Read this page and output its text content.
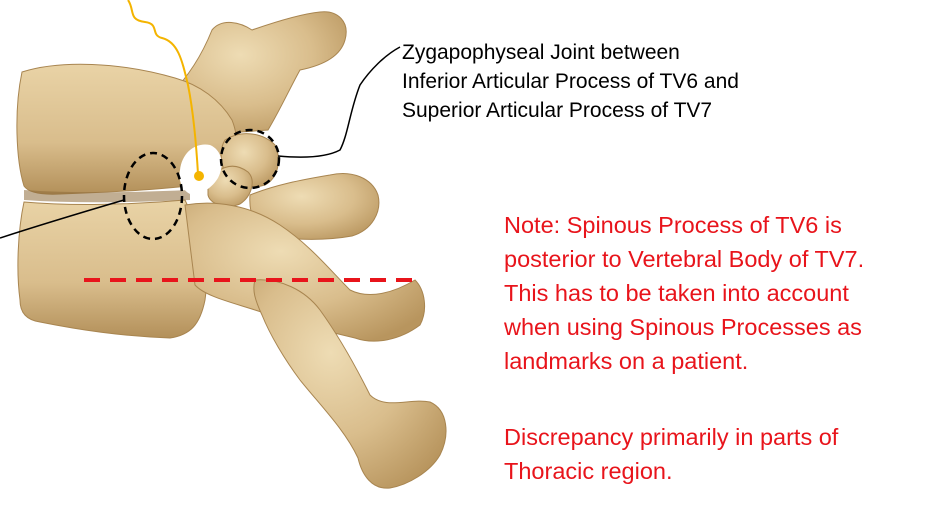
Zygapophyseal Joint between
Inferior Articular Process of TV6 and
Superior Articular Process of TV7
Note: Spinous Process of TV6 is
posterior to Vertebral Body of TV7.
This has to be taken into account
when using Spinous Processes as
landmarks on a patient.
Discrepancy primarily in parts of
Thoracic region.
